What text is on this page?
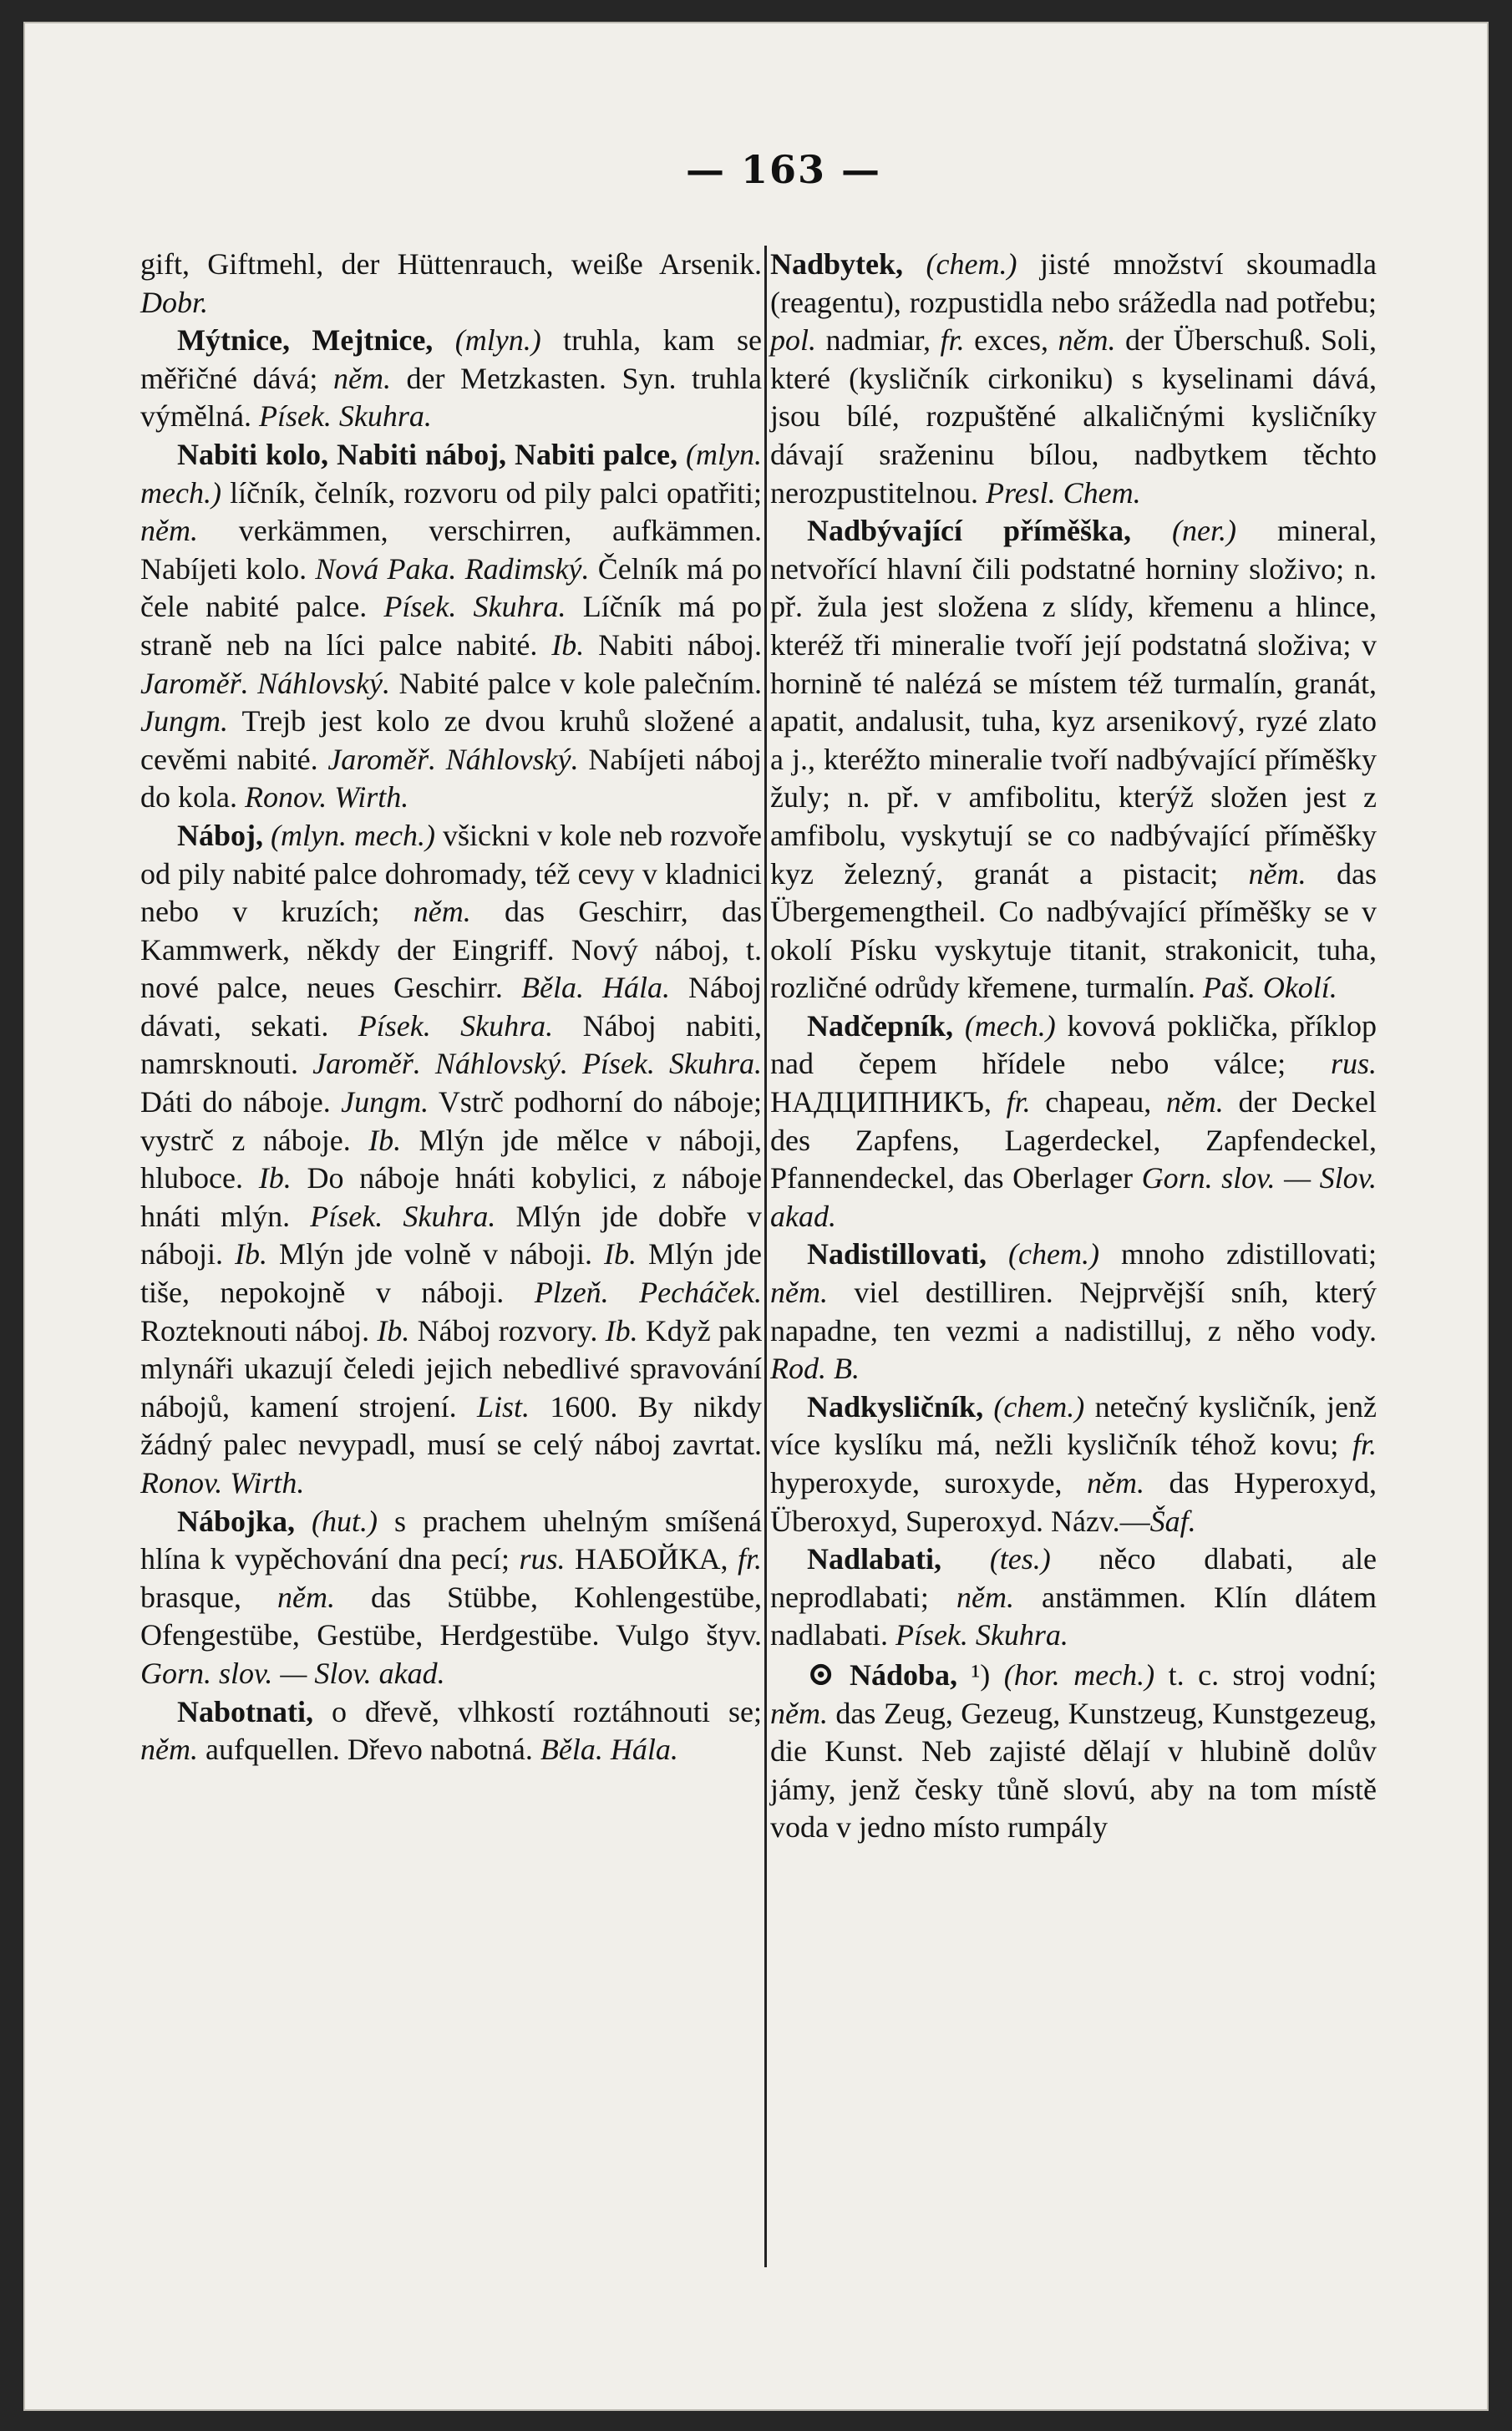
— 163 —

gift, Giftmehl, der Hüttenrauch, weiße Arsenik. Dobr.

Mýtnice, Mejtnice, (mlyn.) truhla, kam se měřičné dává; něm. der Metzkasten. Syn. truhla výmělná. Písek. Skuhra.

Nabiti kolo, Nabiti náboj, Nabiti palce, (mlyn. mech.) líčník, čelník, rozvoru od pily palci opatřiti; něm. verkämmen, verschirren, aufkämmen. Nabíjeti kolo. Nová Paka. Radimský. Čelník má po čele nabité palce. Písek. Skuhra. Líčník má po straně neb na líci palce nabité. Ib. Nabiti náboj. Jaroměř. Náhlovský. Nabité palce v kole palečním. Jungm. Trejb jest kolo ze dvou kruhů složené a cevěmi nabité. Jaroměř. Náhlovský. Nabíjeti náboj do kola. Ronov. Wirth.

Náboj, (mlyn. mech.) všickni v kole neb rozvoře od pily nabité palce dohromady, též cevy v kladnici nebo v kruzích; něm. das Geschirr, das Kammwerk, někdy der Eingriff. Nový náboj, t. nové palce, neues Geschirr. Běla. Hála. Náboj dávati, sekati. Písek. Skuhra. Náboj nabiti, namrsknouti. Jaroměř. Náhlovský. Písek. Skuhra. Dáti do náboje. Jungm. Vstrč podhorní do náboje; vystrč z náboje. Ib. Mlýn jde mělce v náboji, hluboce. Ib. Do náboje hnáti kobylici, z náboje hnáti mlýn. Písek. Skuhra. Mlýn jde dobře v náboji. Ib. Mlýn jde volně v náboji. Ib. Mlýn jde tiše, nepokojně v náboji. Plzeň. Pecháček. Rozteknouti náboj. Ib. Náboj rozvory. Ib. Když pak mlynáři ukazují čeledi jejich nebedlivé spravování nábojů, kamení strojení. List. 1600. By nikdy žádný palec nevypadl, musí se celý náboj zavrtat. Ronov. Wirth.

Nábojka, (hut.) s prachem uhelným smíšená hlína k vypěchování dna pecí; rus. НАБОЙКА, fr. brasque, něm. das Stübbe, Kohlengestübe, Ofengestübe, Gestübe, Herdgestübe. Vulgo štyv. Gorn. slov. — Slov. akad.

Nabotnati, o dřevě, vlhkostí roztáhnouti se; něm. aufquellen. Dřevo nabotná. Běla. Hála.

Nadbytek, (chem.) jisté množství skoumadla (reagentu), rozpustidla nebo srážedla nad potřebu; pol. nadmiar, fr. exces, něm. der Überschuß. Soli, které (kysličník cirkoniku) s kyselinami dává, jsou bílé, rozpuštěné alkaličnými kysličníky dávají sraženinu bílou, nadbytkem těchto nerozpustitelnou. Presl. Chem.

Nadbývající příměška, (ner.) mineral, netvořící hlavní čili podstatné horniny složivo; n. př. žula jest složena z slídy, křemenu a hlince, kteréž tři mineralie tvoří její podstatná složiva; v hornině té nalézá se místem též turmalín, granát, apatit, andalusit, tuha, kyz arsenikový, ryzé zlato a j., kteréžto mineralie tvoří nadbývající příměšky žuly; n. př. v amfibolitu, kterýž složen jest z amfibolu, vyskytují se co nadbývající příměšky kyz železný, granát a pistacit; něm. das Übergemengtheil. Co nadbývající příměšky se v okolí Písku vyskytuje titanit, strakonicit, tuha, rozličné odrůdy křemene, turmalín. Paš. Okolí.

Nadčepník, (mech.) kovová poklička, příklop nad čepem hřídele nebo válce; rus. НАДЦИПНИКЪ, fr. chapeau, něm. der Deckel des Zapfens, Lagerdeckel, Zapfendeckel, Pfannendeckel, das Oberlager Gorn. slov. — Slov. akad.

Nadistillovati, (chem.) mnoho zdistillovati; něm. viel destilliren. Nejprvější sníh, který napadne, ten vezmi a nadistilluj, z něho vody. Rod. B.

Nadkysličník, (chem.) netečný kysličník, jenž více kyslíku má, nežli kysličník téhož kovu; fr. hyperoxyde, suroxyde, něm. das Hyperoxyd, Überoxyd, Superoxyd. Názv.—Šaf.

Nadlabati, (tes.) něco dlabati, ale neprodlabati; něm. anstämmen. Klín dlátem nadlabati. Písek. Skuhra.

⊙ Nádoba, ¹) (hor. mech.) t. c. stroj vodní; něm. das Zeug, Gezeug, Kunstzeug, Kunstgezeug, die Kunst. Neb zajisté dělají v hlubině dolův jámy, jenž česky tůně slovú, aby na tom místě voda v jedno místo rumpály
